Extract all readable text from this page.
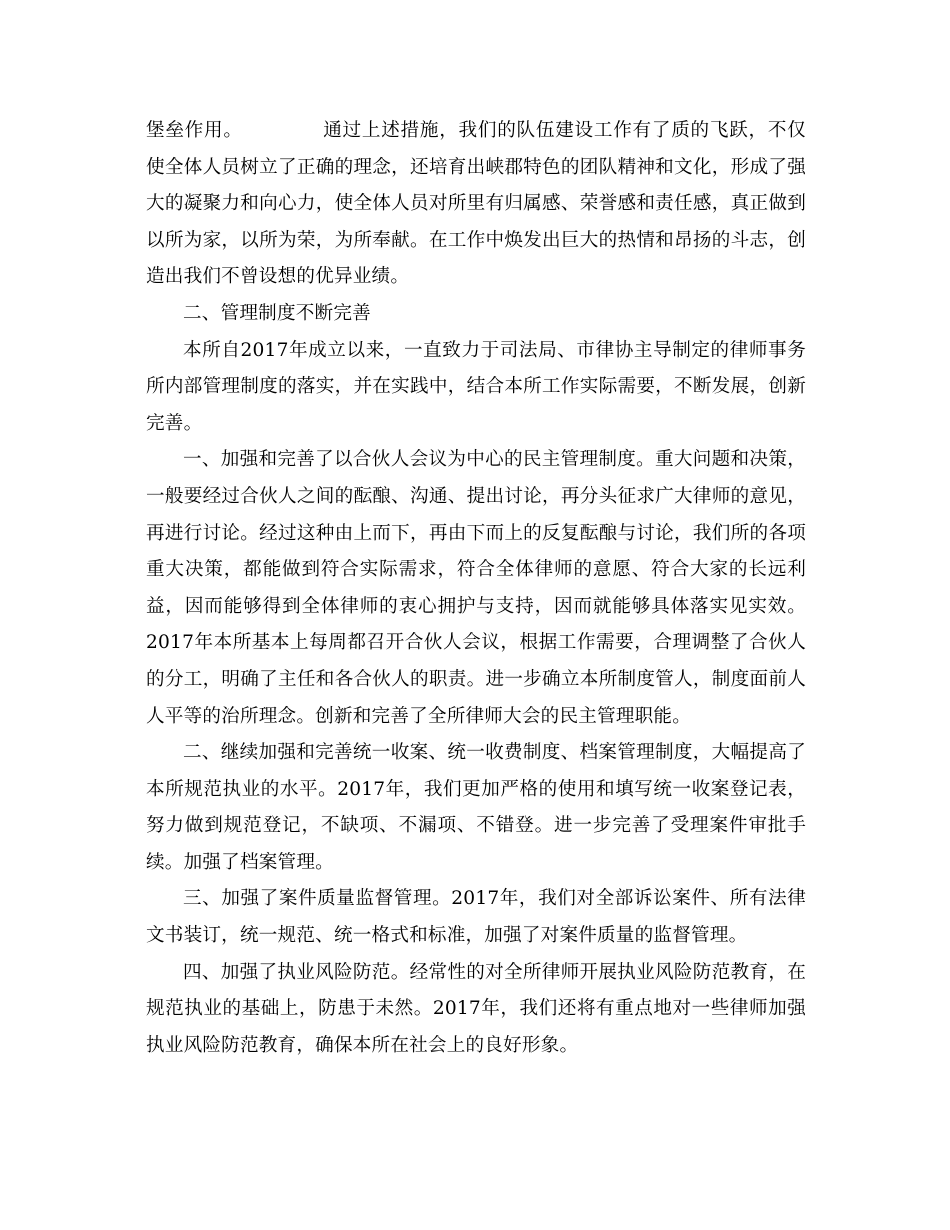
堡垒作用。	通过上述措施，我们的队伍建设工作有了质的飞跃，不仅使全体人员树立了正确的理念，还培育出峡郡特色的团队精神和文化，形成了强大的凝聚力和向心力，使全体人员对所里有归属感、荣誉感和责任感，真正做到以所为家，以所为荣，为所奉献。在工作中焕发出巨大的热情和昂扬的斗志，创造出我们不曾设想的优异业绩。

二、管理制度不断完善

本所自2017年成立以来，一直致力于司法局、市律协主导制定的律师事务所内部管理制度的落实，并在实践中，结合本所工作实际需要，不断发展，创新完善。

一、加强和完善了以合伙人会议为中心的民主管理制度。重大问题和决策，一般要经过合伙人之间的酝酿、沟通、提出讨论，再分头征求广大律师的意见，再进行讨论。经过这种由上而下，再由下而上的反复酝酿与讨论，我们所的各项重大决策，都能做到符合实际需求，符合全体律师的意愿、符合大家的长远利益，因而能够得到全体律师的衷心拥护与支持，因而就能够具体落实见实效。2017年本所基本上每周都召开合伙人会议，根据工作需要，合理调整了合伙人的分工，明确了主任和各合伙人的职责。进一步确立本所制度管人，制度面前人人平等的治所理念。创新和完善了全所律师大会的民主管理职能。

二、继续加强和完善统一收案、统一收费制度、档案管理制度，大幅提高了本所规范执业的水平。2017年，我们更加严格的使用和填写统一收案登记表，努力做到规范登记，不缺项、不漏项、不错登。进一步完善了受理案件审批手续。加强了档案管理。

三、加强了案件质量监督管理。2017年，我们对全部诉讼案件、所有法律文书装订，统一规范、统一格式和标准，加强了对案件质量的监督管理。

四、加强了执业风险防范。经常性的对全所律师开展执业风险防范教育，在规范执业的基础上，防患于未然。2017年，我们还将有重点地对一些律师加强执业风险防范教育，确保本所在社会上的良好形象。
